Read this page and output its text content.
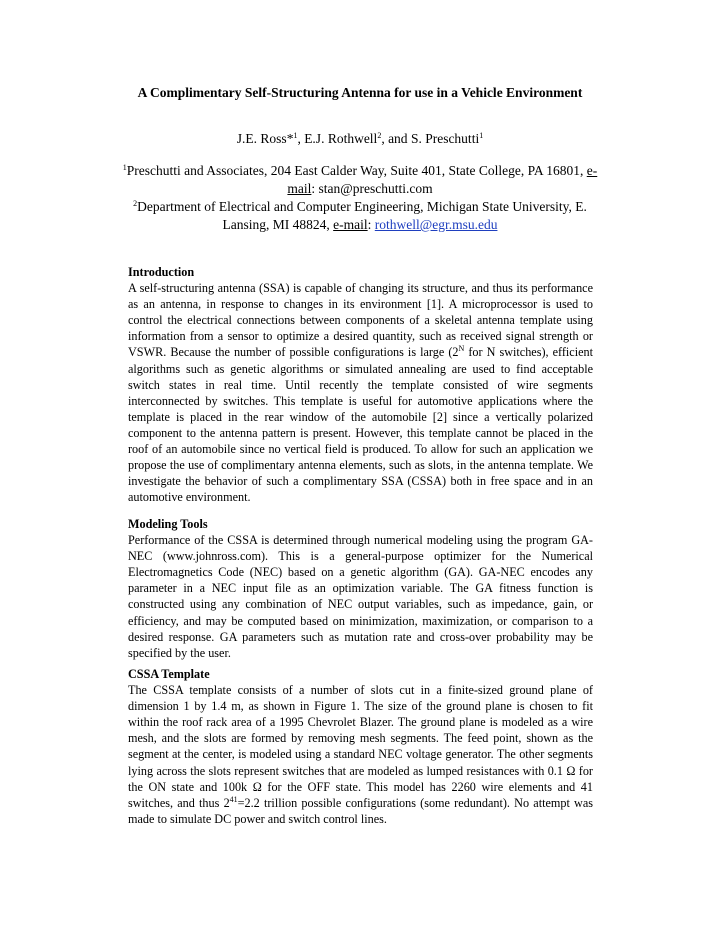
A Complimentary Self-Structuring Antenna for use in a Vehicle Environment
J.E. Ross*$^1$, E.J. Rothwell$^2$, and S. Preschutti$^1$

$^1$Preschutti and Associates, 204 East Calder Way, Suite 401, State College, PA 16801, e-mail: stan@preschutti.com

$^2$Department of Electrical and Computer Engineering, Michigan State University, E. Lansing, MI 48824, e-mail: rothwell@egr.msu.edu

Introduction

A self-structuring antenna (SSA) is capable of changing its structure, and thus its performance as an antenna, in response to changes in its environment [1]. A microprocessor is used to control the electrical connections between components of a skeletal antenna template using information from a sensor to optimize a desired quantity, such as received signal strength or VSWR. Because the number of possible configurations is large ($2^N$ for N switches), efficient algorithms such as genetic algorithms or simulated annealing are used to find acceptable switch states in real time. Until recently the template consisted of wire segments interconnected by switches. This template is useful for automotive applications where the template is placed in the rear window of the automobile [2] since a vertically polarized component to the antenna pattern is present. However, this template cannot be placed in the roof of an automobile since no vertical field is produced. To allow for such an application we propose the use of complimentary antenna elements, such as slots, in the antenna template. We investigate the behavior of such a complimentary SSA (CSSA) both in free space and in an automotive environment.

Modeling Tools

Performance of the CSSA is determined through numerical modeling using the program GA-NEC (www.johnross.com). This is a general-purpose optimizer for the Numerical Electromagnetics Code (NEC) based on a genetic algorithm (GA). GA-NEC encodes any parameter in a NEC input file as an optimization variable. The GA fitness function is constructed using any combination of NEC output variables, such as impedance, gain, or efficiency, and may be computed based on minimization, maximization, or comparison to a desired response. GA parameters such as mutation rate and cross-over probability may be specified by the user.

CSSA Template

The CSSA template consists of a number of slots cut in a finite-sized ground plane of dimension 1 by 1.4 m, as shown in Figure 1. The size of the ground plane is chosen to fit within the roof rack area of a 1995 Chevrolet Blazer. The ground plane is modeled as a wire mesh, and the slots are formed by removing mesh segments. The feed point, shown as the segment at the center, is modeled using a standard NEC voltage generator. The other segments lying across the slots represent switches that are modeled as lumped resistances with 0.1 Ω for the ON state and 100k Ω for the OFF state. This model has 2260 wire elements and 41 switches, and thus $2^{41}=2.2$ trillion possible configurations (some redundant). No attempt was made to simulate DC power and switch control lines.
